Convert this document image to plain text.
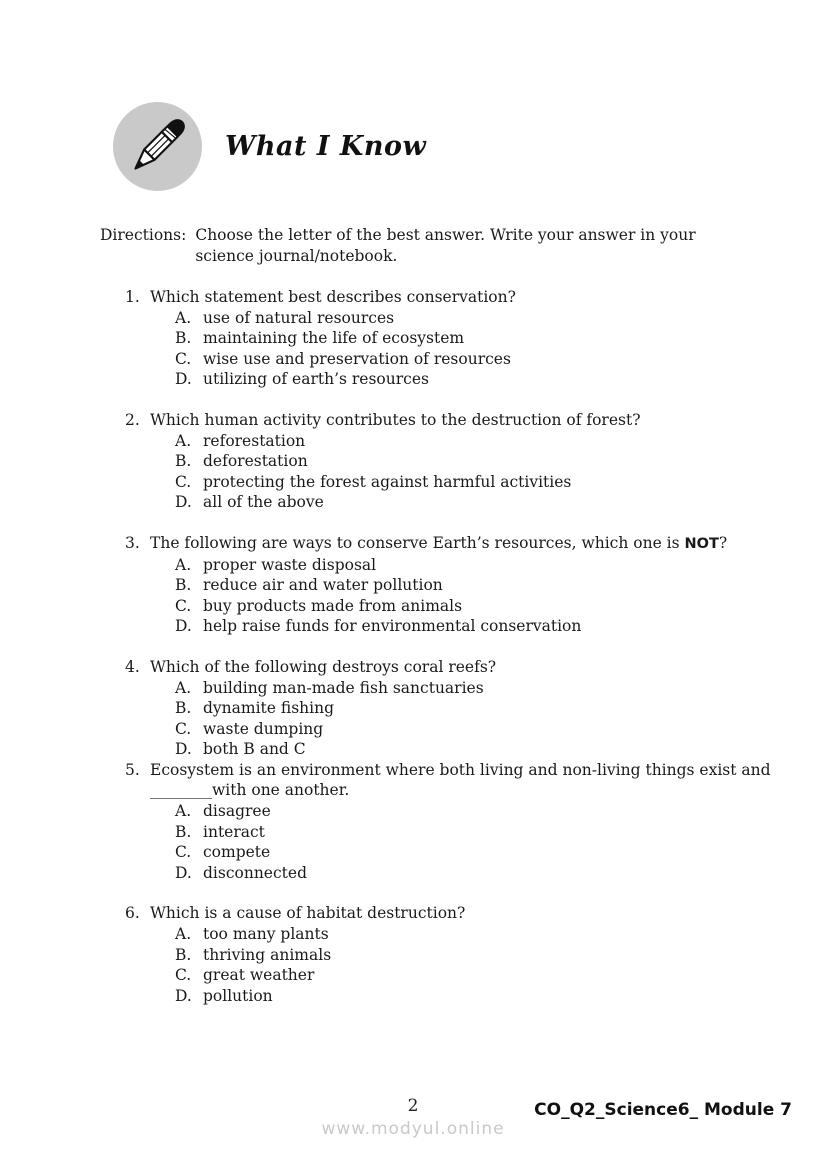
What I Know
Directions: Choose the letter of the best answer. Write your answer in your science journal/notebook.
1. Which statement best describes conservation?
A. use of natural resources
B. maintaining the life of ecosystem
C. wise use and preservation of resources
D. utilizing of earth’s resources
2. Which human activity contributes to the destruction of forest?
A. reforestation
B. deforestation
C. protecting the forest against harmful activities
D. all of the above
3. The following are ways to conserve Earth’s resources, which one is NOT?
A. proper waste disposal
B. reduce air and water pollution
C. buy products made from animals
D. help raise funds for environmental conservation
4. Which of the following destroys coral reefs?
A. building man-made fish sanctuaries
B. dynamite fishing
C. waste dumping
D. both B and C
5. Ecosystem is an environment where both living and non-living things exist and ________with one another.
A. disagree
B. interact
C. compete
D. disconnected
6. Which is a cause of habitat destruction?
A. too many plants
B. thriving animals
C. great weather
D. pollution
2
www.modyul.online
CO_Q2_Science6_ Module 7
